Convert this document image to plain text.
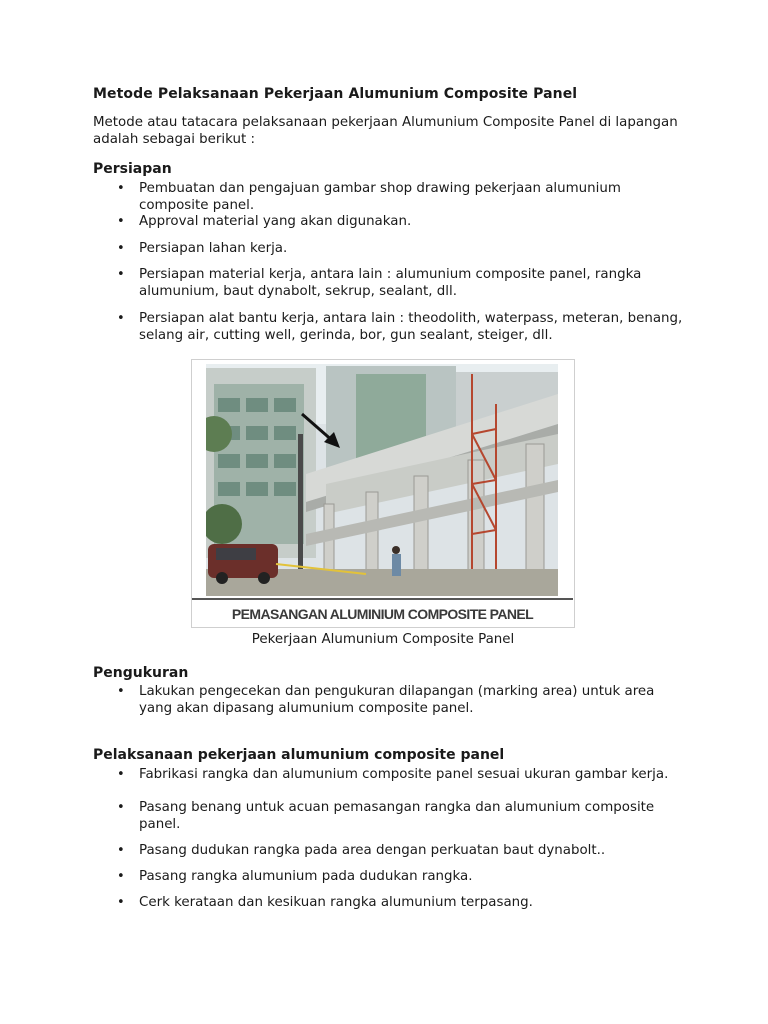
Metode Pelaksanaan Pekerjaan Alumunium Composite Panel
Metode atau tatacara pelaksanaan pekerjaan Alumunium Composite Panel di lapangan adalah sebagai berikut :
Persiapan
• Pembuatan dan pengajuan gambar shop drawing pekerjaan alumunium composite panel.
• Approval material yang akan digunakan.
• Persiapan lahan kerja.
• Persiapan material kerja, antara lain : alumunium composite panel, rangka alumunium, baut dynabolt, sekrup, sealant, dll.
• Persiapan alat bantu kerja, antara lain : theodolith, waterpass, meteran, benang, selang air, cutting well, gerinda, bor, gun sealant, steiger, dll.
PEMASANGAN ALUMINIUM COMPOSITE PANEL
Pekerjaan Alumunium Composite Panel
Pengukuran
• Lakukan pengecekan dan pengukuran dilapangan (marking area) untuk area yang akan dipasang alumunium composite panel.
Pelaksanaan pekerjaan alumunium composite panel
• Fabrikasi rangka dan alumunium composite panel sesuai ukuran gambar kerja.
• Pasang benang untuk acuan pemasangan rangka dan alumunium composite panel.
• Pasang dudukan rangka pada area dengan perkuatan baut dynabolt..
• Pasang rangka alumunium pada dudukan rangka.
• Cerk kerataan dan kesikuan rangka alumunium terpasang.
